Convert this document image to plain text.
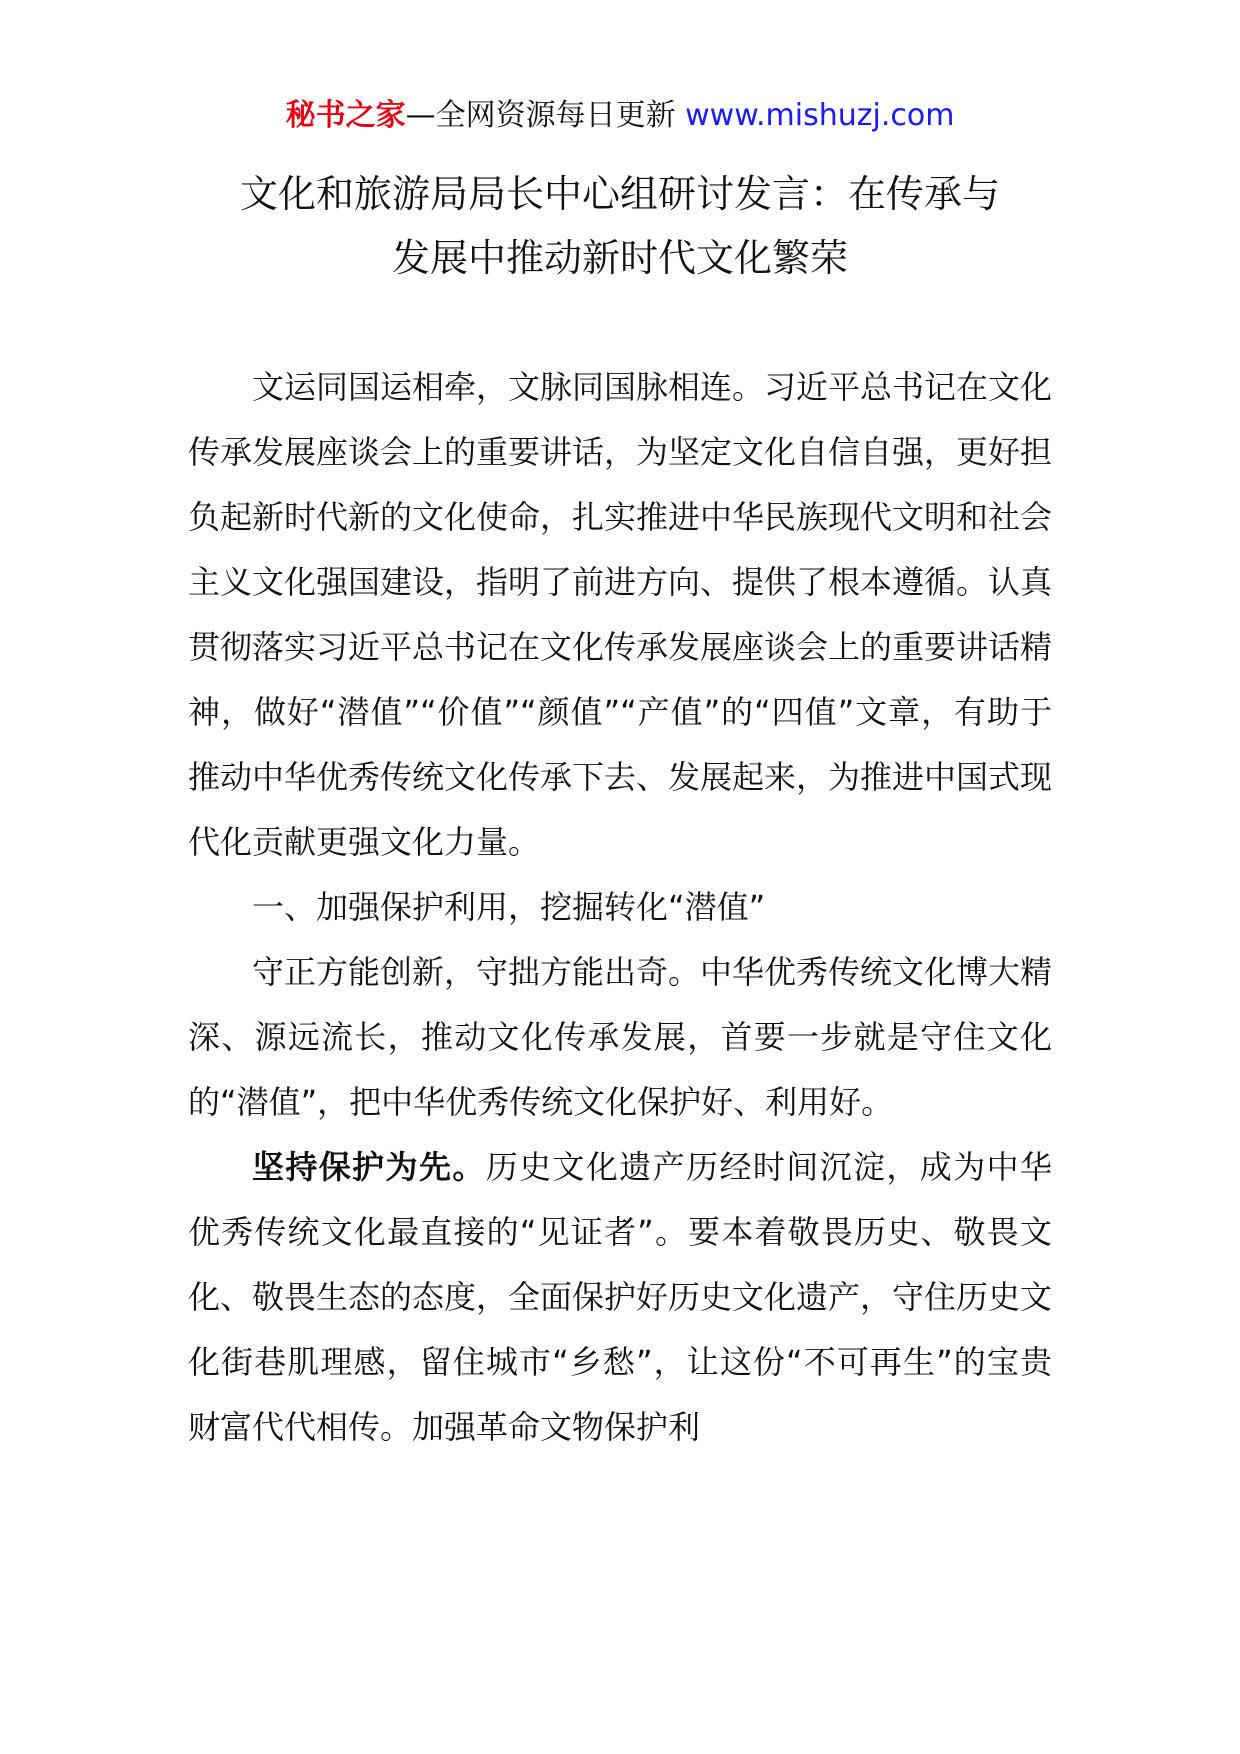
秘书之家—全网资源每日更新 www.mishuzj.com
文化和旅游局局长中心组研讨发言：在传承与
发展中推动新时代文化繁荣

文运同国运相牵，文脉同国脉相连。习近平总书记在文化传承发展座谈会上的重要讲话，为坚定文化自信自强，更好担负起新时代新的文化使命，扎实推进中华民族现代文明和社会主义文化强国建设，指明了前进方向、提供了根本遵循。认真贯彻落实习近平总书记在文化传承发展座谈会上的重要讲话精神，做好“潜值”“价值”“颜值”“产值”的“四值”文章，有助于推动中华优秀传统文化传承下去、发展起来，为推进中国式现代化贡献更强文化力量。

一、加强保护利用，挖掘转化“潜值”

守正方能创新，守拙方能出奇。中华优秀传统文化博大精深、源远流长，推动文化传承发展，首要一步就是守住文化的“潜值”，把中华优秀传统文化保护好、利用好。

坚持保护为先。历史文化遗产历经时间沉淀，成为中华优秀传统文化最直接的“见证者”。要本着敬畏历史、敬畏文化、敬畏生态的态度，全面保护好历史文化遗产，守住历史文化街巷肌理感，留住城市“乡愁”，让这份“不可再生”的宝贵财富代代相传。加强革命文物保护利
